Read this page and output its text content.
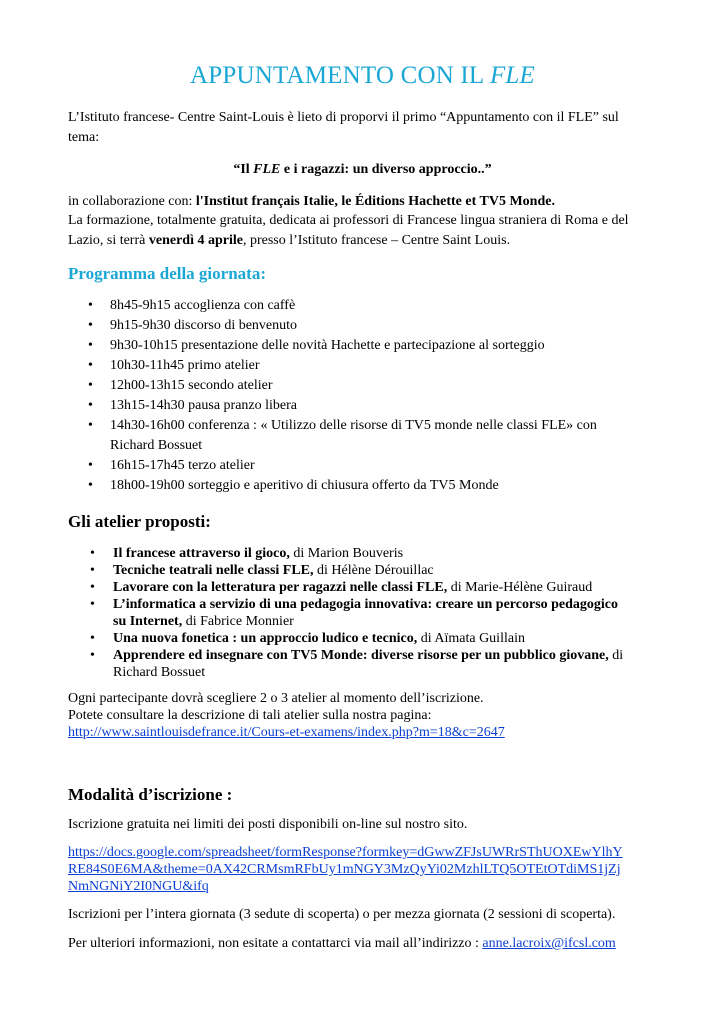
APPUNTAMENTO CON IL FLE

L’Istituto francese- Centre Saint-Louis è lieto di proporvi il primo “Appuntamento con il FLE” sul

tema:

“Il FLE e i ragazzi: un diverso approccio..”

in collaborazione con: l'Institut français Italie, le Éditions Hachette et TV5 Monde.

La formazione, totalmente gratuita, dedicata ai professori di Francese lingua straniera di Roma e del

Lazio, si terrà venerdì 4 aprile, presso l’Istituto francese – Centre Saint Louis.

Programma della giornata:

• 8h45-9h15 accoglienza con caffè
• 9h15-9h30 discorso di benvenuto
• 9h30-10h15 presentazione delle novità Hachette e partecipazione al sorteggio
• 10h30-11h45 primo atelier
• 12h00-13h15 secondo atelier
• 13h15-14h30 pausa pranzo libera
• 14h30-16h00 conferenza : « Utilizzo delle risorse di TV5 monde nelle classi FLE» con
Richard Bossuet
• 16h15-17h45 terzo atelier
• 18h00-19h00 sorteggio e aperitivo di chiusura offerto da TV5 Monde

Gli atelier proposti:

• Il francese attraverso il gioco, di Marion Bouveris
• Tecniche teatrali nelle classi FLE, di Hélène Dérouillac
• Lavorare con la letteratura per ragazzi nelle classi FLE, di Marie-Hélène Guiraud
• L’informatica a servizio di una pedagogia innovativa: creare un percorso pedagogico
su Internet, di Fabrice Monnier
• Una nuova fonetica : un approccio ludico e tecnico, di Aïmata Guillain
• Apprendere ed insegnare con TV5 Monde: diverse risorse per un pubblico giovane, di
Richard Bossuet

Ogni partecipante dovrà scegliere 2 o 3 atelier al momento dell’iscrizione.

Potete consultare la descrizione di tali atelier sulla nostra pagina:

http://www.saintlouisdefrance.it/Cours-et-examens/index.php?m=18&c=2647

Modalità d’iscrizione :

Iscrizione gratuita nei limiti dei posti disponibili on-line sul nostro sito.

https://docs.google.com/spreadsheet/formResponse?formkey=dGwwZFJsUWRrSThUOXEwYlhY
RE84S0E6MA&theme=0AX42CRMsmRFbUy1mNGY3MzQyYi02MzhlLTQ5OTEtOTdiMS1jZj
NmNGNiY2I0NGU&ifq

Iscrizioni per l’intera giornata (3 sedute di scoperta) o per mezza giornata (2 sessioni di scoperta).

Per ulteriori informazioni, non esitate a contattarci via mail all’indirizzo : anne.lacroix@ifcsl.com
